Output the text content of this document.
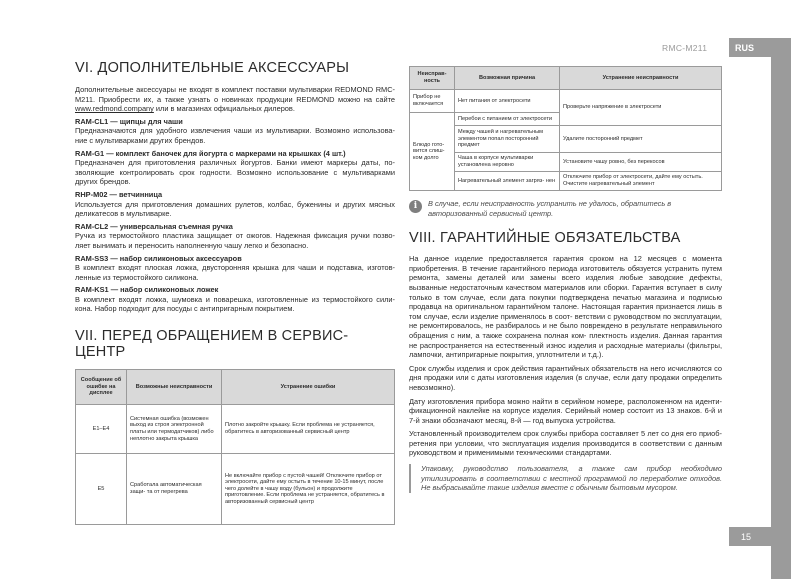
RMC-M211	RUS
15
VI. ДОПОЛНИТЕЛЬНЫЕ АКСЕССУАРЫ

Дополнительные аксессуары не входят в комплект поставки мультиварки REDMOND RMC-M211. Приобрести их, а также узнать о новинках продукции REDMOND можно на сайте www.redmond.company или в магазинах официальных дилеров.

RAM-CL1 — щипцы для чаши

Предназначаются для удобного извлечения чаши из мультиварки. Возможно использова- ние с мультиварками других брендов.

RAM-G1 — комплект баночек для йогурта с маркерами на крышках (4 шт.)

Предназначен для приготовления различных йогуртов. Банки имеют маркеры даты, по- зволяющие контролировать срок годности. Возможно использование с мультиварками других брендов.

RHP-M02 — ветчинница

Используется для приготовления домашних рулетов, колбас, буженины и других мясных деликатесов в мультиварке.

RAM-CL2 — универсальная съемная ручка

Ручка из термостойкого пластика защищает от ожогов. Надежная фиксация ручки позво- ляет вынимать и переносить наполненную чашу легко и безопасно.

RAM-SS3 — набор силиконовых аксессуаров

В комплект входят плоская ложка, двусторонняя крышка для чаши и подставка, изготов- ленные из термостойкого силикона.

RAM-KS1 — набор силиконовых ложек

В комплект входят ложка, шумовка и поварешка, изготовленные из термостойкого сили- кона. Набор подходит для посуды с антипригарным покрытием.

VII. ПЕРЕД ОБРАЩЕНИЕМ В СЕРВИС-ЦЕНТР
Сообщение об ошибке на дисплее	Возможные неисправности	Устранение ошибки
E1–E4	Системная ошибка (возможен выход из строя электронной платы или термодатчиков) либо неплотно закрыта крышка	Плотно закройте крышку. Если проблема не устраняется, обратитесь в авторизованный сервисный центр
E5	Сработала автоматическая защи- та от перегрева	Не включайте прибор с пустой чашей! Отключите прибор от электросети, дайте ему остыть в течение 10-15 минут, после чего долейте в чашу воду (бульон) и продолжите приготовление. Если проблема не устраняется, обратитесь в авторизованный сервисный центр
Неисправ- ность	Возможная причина	Устранение неисправности
Прибор не включается	Нет питания от электросети	Проверьте напряжение в электросети
Блюдо гото- вится слиш- ком долго	Перебои с питанием от электросети	
	Между чашей и нагревательным элементом попал посторонний предмет	Удалите посторонний предмет
	Чаша в корпусе мультиварки установлена неровно	Установите чашу ровно, без перекосов
	Нагревательный элемент загряз- нен	Отключите прибор от электросети, дайте ему остыть. Очистите нагревательный элемент
i	В случае, если неисправность устранить не удалось, обратитесь в авторизованный сервисный центр.
VIII. ГАРАНТИЙНЫЕ ОБЯЗАТЕЛЬСТВА

На данное изделие предоставляется гарантия сроком на 12 месяцев с момента приобретения. В течение гарантийного периода изготовитель обязуется устранить путем ремонта, замены деталей или замены всего изделия любые заводские дефекты, вызванные недостаточным качеством материалов или сборки. Гарантия вступает в силу только в том случае, если дата покупки подтверждена печатью магазина и подписью продавца на оригинальном гарантийном талоне. Настоящая гарантия признается лишь в том случае, если изделие применялось в соот- ветствии с руководством по эксплуатации, не ремонтировалось, не разбиралось и не было повреждено в результате неправильного обращения с ним, а также сохранена полная ком- плектность изделия. Данная гарантия не распространяется на естественный износ изделия и расходные материалы (фильтры, лампочки, антипригарные покрытия, уплотнители и т.д.).

Срок службы изделия и срок действия гарантийных обязательств на него исчисляются со дня продажи или с даты изготовления изделия (в случае, если дату продажи определить невозможно).

Дату изготовления прибора можно найти в серийном номере, расположенном на иденти- фикационной наклейке на корпусе изделия. Серийный номер состоит из 13 знаков. 6-й и 7-й знаки обозначают месяц, 8-й — год выпуска устройства.

Установленный производителем срок службы прибора составляет 5 лет со дня его приоб- ретения при условии, что эксплуатация изделия производится в соответствии с данным руководством и применимыми техническими стандартами.

Упаковку, руководство пользователя, а также сам прибор необходимо утилизировать в соответствии с местной программой по переработке отходов. Не выбрасывайте такие изделия вместе с обычным бытовым мусором.
